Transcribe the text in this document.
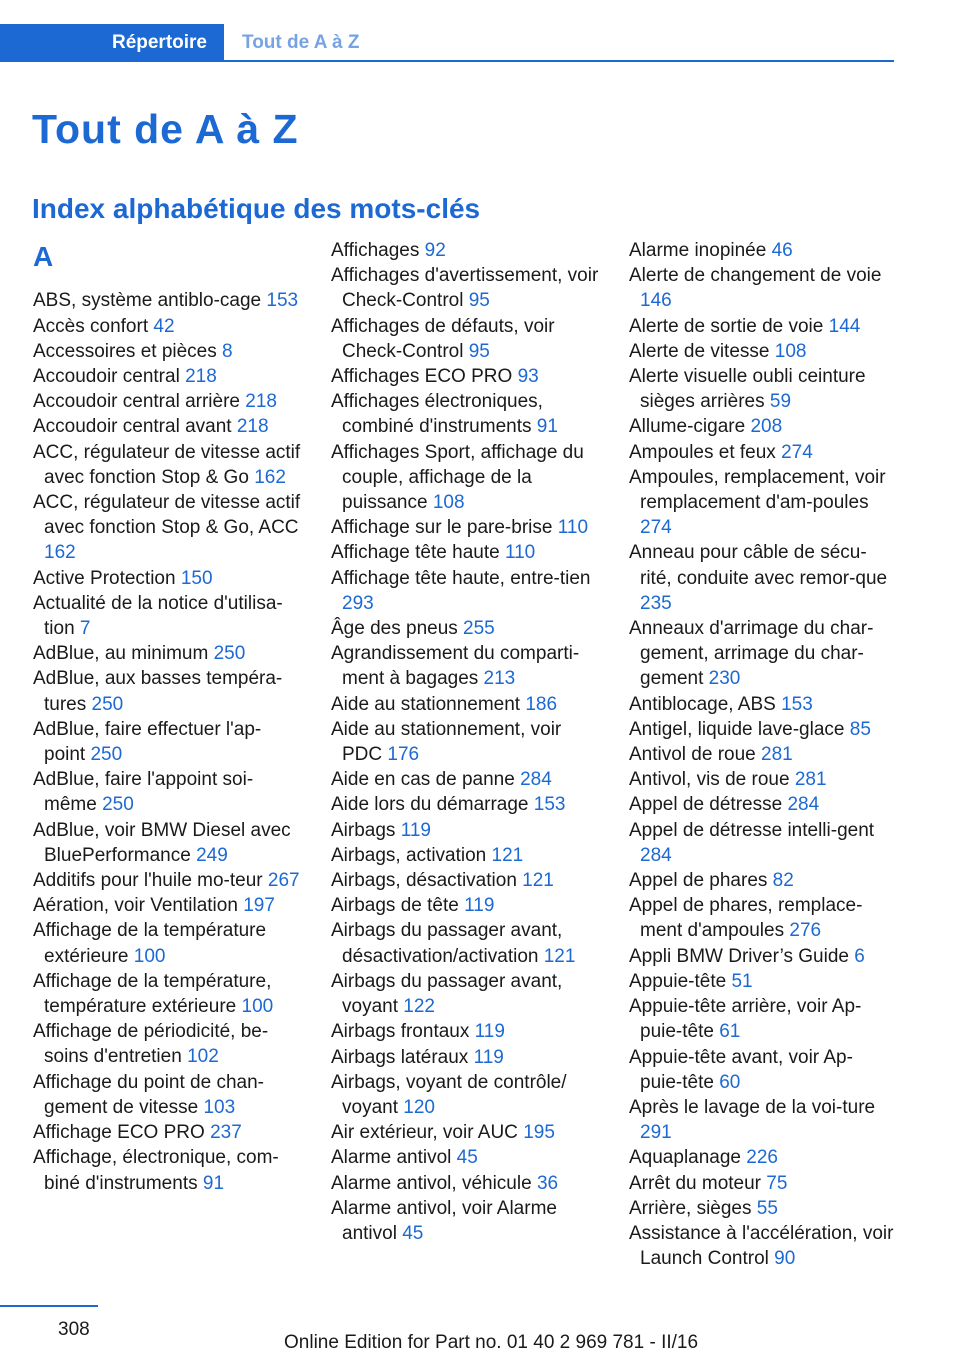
Répertoire Tout de A à Z
Tout de A à Z
Index alphabétique des mots-clés
A
ABS, système antiblo-cage 153
Accès confort 42
Accessoires et pièces 8
Accoudoir central 218
Accoudoir central arrière 218
Accoudoir central avant 218
ACC, régulateur de vitesse actif avec fonction Stop & Go 162
ACC, régulateur de vitesse actif avec fonction Stop & Go, ACC 162
Active Protection 150
Actualité de la notice d'utilisa-tion 7
AdBlue, au minimum 250
AdBlue, aux basses tempéra-tures 250
AdBlue, faire effectuer l'ap-point 250
AdBlue, faire l'appoint soi-même 250
AdBlue, voir BMW Diesel avec BluePerformance 249
Additifs pour l'huile mo-teur 267
Aération, voir Ventilation 197
Affichage de la température extérieure 100
Affichage de la température, température extérieure 100
Affichage de périodicité, be-soins d'entretien 102
Affichage du point de chan-gement de vitesse 103
Affichage ECO PRO 237
Affichage, électronique, com-biné d'instruments 91
Affichages 92
Affichages d'avertissement, voir Check-Control 95
Affichages de défauts, voir Check-Control 95
Affichages ECO PRO 93
Affichages électroniques, combiné d'instruments 91
Affichages Sport, affichage du couple, affichage de la puissance 108
Affichage sur le pare-brise 110
Affichage tête haute 110
Affichage tête haute, entre-tien 293
Âge des pneus 255
Agrandissement du comparti-ment à bagages 213
Aide au stationnement 186
Aide au stationnement, voir PDC 176
Aide en cas de panne 284
Aide lors du démarrage 153
Airbags 119
Airbags, activation 121
Airbags, désactivation 121
Airbags de tête 119
Airbags du passager avant, désactivation/activation 121
Airbags du passager avant, voyant 122
Airbags frontaux 119
Airbags latéraux 119
Airbags, voyant de contrôle/ voyant 120
Air extérieur, voir AUC 195
Alarme antivol 45
Alarme antivol, véhicule 36
Alarme antivol, voir Alarme antivol 45
Alarme inopinée 46
Alerte de changement de voie 146
Alerte de sortie de voie 144
Alerte de vitesse 108
Alerte visuelle oubli ceinture sièges arrières 59
Allume-cigare 208
Ampoules et feux 274
Ampoules, remplacement, voir remplacement d'am-poules 274
Anneau pour câble de sécu-rité, conduite avec remor-que 235
Anneaux d'arrimage du char-gement, arrimage du char-gement 230
Antiblocage, ABS 153
Antigel, liquide lave-glace 85
Antivol de roue 281
Antivol, vis de roue 281
Appel de détresse 284
Appel de détresse intelli-gent 284
Appel de phares 82
Appel de phares, remplace-ment d'ampoules 276
Appli BMW Driver’s Guide 6
Appuie-tête 51
Appuie-tête arrière, voir Ap-puie-tête 61
Appuie-tête avant, voir Ap-puie-tête 60
Après le lavage de la voi-ture 291
Aquaplanage 226
Arrêt du moteur 75
Arrière, sièges 55
Assistance à l'accélération, voir Launch Control 90
308
Online Edition for Part no. 01 40 2 969 781 - II/16
